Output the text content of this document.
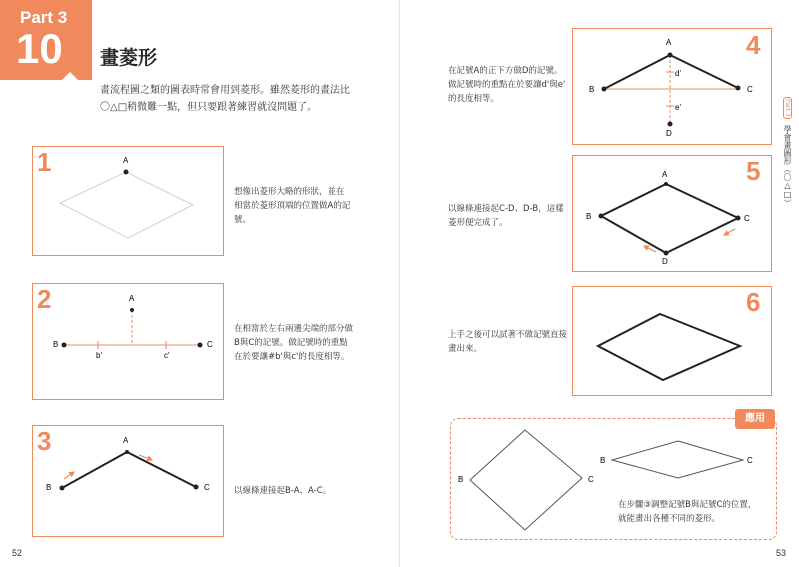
Part 3
10 畫菱形
畫流程圖之類的圖表時常會用到菱形。雖然菱形的畫法比
〇△□稍微難一點，但只要跟著練習就沒問題了。
1
想像出菱形大略的形狀，並在
相當於菱形頂端的位置做A的記
號。
2
在相當於左右兩邊尖端的部分做
B與C的記號。做記號時的重點
在於要讓#b'與c'的長度相等。
3
以線條連接起B-A、A-C。
52
4
在記號A的正下方做D的記號。
做記號時的重點在於要讓d'與e'
的長度相等。
5
以線條連接起C-D、D-B，這樣
菱形便完成了。
6
上手之後可以試著不做記號直接
畫出來。
應用
在步驟③調整記號B與記號C的位置，
就能畫出各種不同的菱形。
Part 3 學會畫圖形（〇△□）
53
A
A
B	C
b'	c'
A
B	C
A
B	C
D
d'
e'
A
B	C
D
B	C
B	C
